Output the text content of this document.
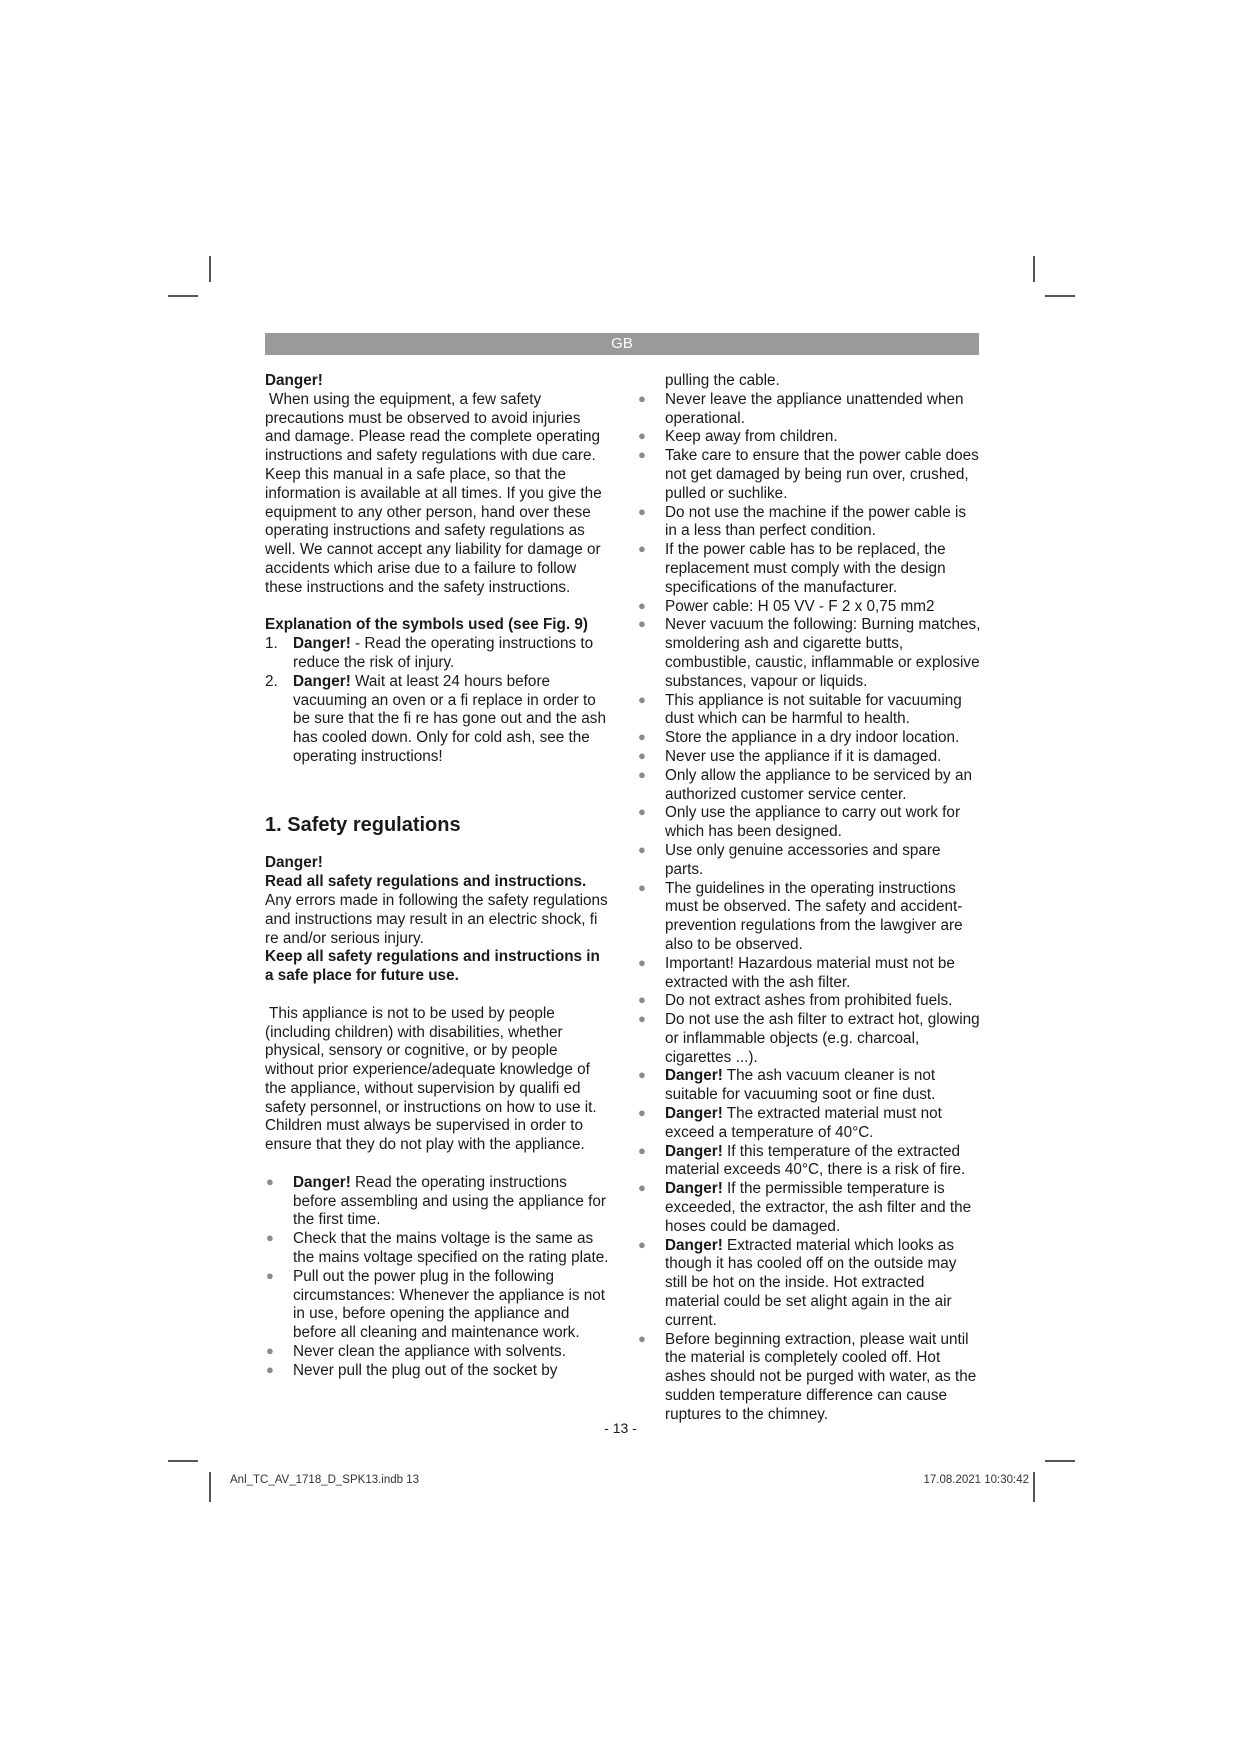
GB

Danger!

When using the equipment, a few safety precautions must be observed to avoid injuries and damage. Please read the complete operating instructions and safety regulations with due care. Keep this manual in a safe place, so that the information is available at all times. If you give the equipment to any other person, hand over these operating instructions and safety regulations as well. We cannot accept any liability for damage or accidents which arise due to a failure to follow these instructions and the safety instructions.

Explanation of the symbols used (see Fig. 9)

1. Danger! - Read the operating instructions to reduce the risk of injury.
2. Danger! Wait at least 24 hours before vacuuming an oven or a fi replace in order to be sure that the fi re has gone out and the ash has cooled down. Only for cold ash, see the operating instructions!
1. Safety regulations

Danger!

Read all safety regulations and instructions.

Any errors made in following the safety regulations and instructions may result in an electric shock, fi re and/or serious injury.

Keep all safety regulations and instructions in a safe place for future use.

This appliance is not to be used by people (including children) with disabilities, whether physical, sensory or cognitive, or by people without prior experience/adequate knowledge of the appliance, without supervision by qualifi ed safety personnel, or instructions on how to use it.

Children must always be supervised in order to ensure that they do not play with the appliance.

● Danger! Read the operating instructions before assembling and using the appliance for the first time.
● Check that the mains voltage is the same as the mains voltage specified on the rating plate.
● Pull out the power plug in the following circumstances: Whenever the appliance is not in use, before opening the appliance and before all cleaning and maintenance work.
● Never clean the appliance with solvents.
● Never pull the plug out of the socket by

pulling the cable.

● Never leave the appliance unattended when operational.
● Keep away from children.
● Take care to ensure that the power cable does not get damaged by being run over, crushed, pulled or suchlike.
● Do not use the machine if the power cable is in a less than perfect condition.
● If the power cable has to be replaced, the replacement must comply with the design specifications of the manufacturer.
● Power cable: H 05 VV - F 2 x 0,75 mm2
● Never vacuum the following: Burning matches, smoldering ash and cigarette butts, combustible, caustic, inflammable or explosive substances, vapour or liquids.
● This appliance is not suitable for vacuuming dust which can be harmful to health.
● Store the appliance in a dry indoor location.
● Never use the appliance if it is damaged.
● Only allow the appliance to be serviced by an authorized customer service center.
● Only use the appliance to carry out work for which has been designed.
● Use only genuine accessories and spare parts.
● The guidelines in the operating instructions must be observed. The safety and accident-prevention regulations from the lawgiver are also to be observed.
● Important! Hazardous material must not be extracted with the ash filter.
● Do not extract ashes from prohibited fuels.
● Do not use the ash filter to extract hot, glowing or inflammable objects (e.g. charcoal, cigarettes ...).
● Danger! The ash vacuum cleaner is not suitable for vacuuming soot or fine dust.
● Danger! The extracted material must not exceed a temperature of 40°C.
● Danger! If this temperature of the extracted material exceeds 40°C, there is a risk of fire.
● Danger! If the permissible temperature is exceeded, the extractor, the ash filter and the hoses could be damaged.
● Danger! Extracted material which looks as though it has cooled off on the outside may still be hot on the inside. Hot extracted material could be set alight again in the air current.
● Before beginning extraction, please wait until the material is completely cooled off. Hot ashes should not be purged with water, as the sudden temperature difference can cause ruptures to the chimney.
- 13 -
Anl_TC_AV_1718_D_SPK13.indb 13	17.08.2021 10:30:42
